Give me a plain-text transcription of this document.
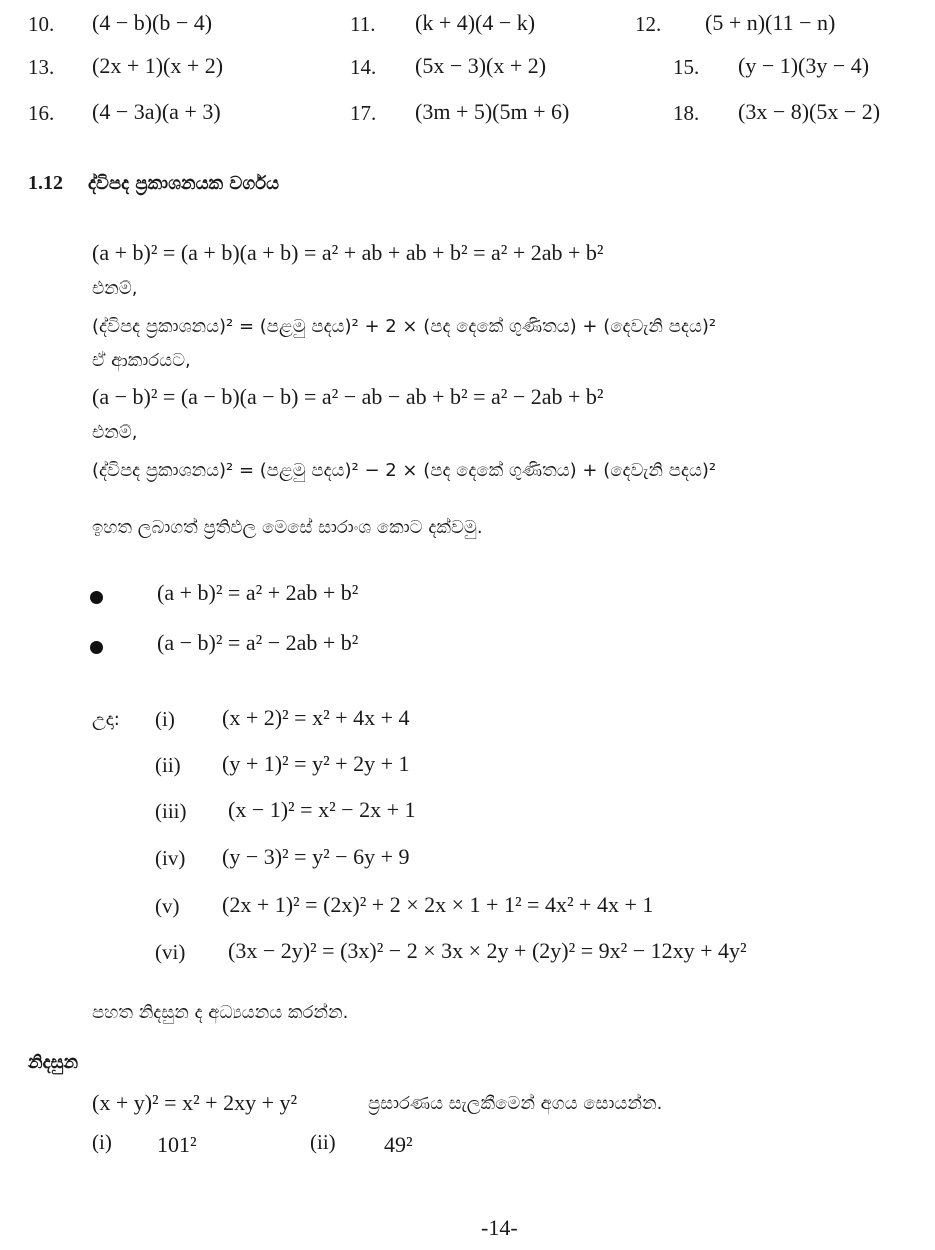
10. (4 − b)(b − 4)	11. (k + 4)(4 − k)	12. (5 + n)(11 − n)
13. (2x + 1)(x + 2)	14. (5x − 3)(x + 2)	15. (y − 1)(3y − 4)
16. (4 − 3a)(a + 3)	17. (3m + 5)(5m + 6)	18. (3x − 8)(5x − 2)
1.12 ද්විපද ප්‍රකාශනයක වර්ගය
(a + b)² = (a + b)(a + b) = a² + ab + ab + b² = a² + 2ab + b²
එනම්,
(ද්විපද ප්‍රකාශනය)² = (පළමු පදය)² + 2 × (පද දෙකේ ගුණිතය) + (දෙවැනි පදය)²
ඒ ආකාරයට,
(a − b)² = (a − b)(a − b) = a² − ab − ab + b² = a² − 2ab + b²
එනම්,
(ද්විපද ප්‍රකාශනය)² = (පළමු පදය)² − 2 × (පද දෙකේ ගුණිතය) + (දෙවැනි පදය)²
ඉහත ලබාගත් ප්‍රතිඵල මෙසේ සාරාංශ කොට දක්වමු.
(a + b)² = a² + 2ab + b²
(a − b)² = a² − 2ab + b²
උදා: (i) (x + 2)² = x² + 4x + 4
(ii) (y + 1)² = y² + 2y + 1
(iii) (x − 1)² = x² − 2x + 1
(iv) (y − 3)² = y² − 6y + 9
(v) (2x + 1)² = (2x)² + 2 × 2x × 1 + 1² = 4x² + 4x + 1
(vi) (3x − 2y)² = (3x)² − 2 × 3x × 2y + (2y)² = 9x² − 12xy + 4y²
පහත නිදසුන ද අධ්‍යයනය කරන්න.
නිදසුන
(x + y)² = x² + 2xy + y²	ප්‍රසාරණය සැලකීමෙන් අගය සොයන්න.
(i) 101²	(ii) 49²
-14-
